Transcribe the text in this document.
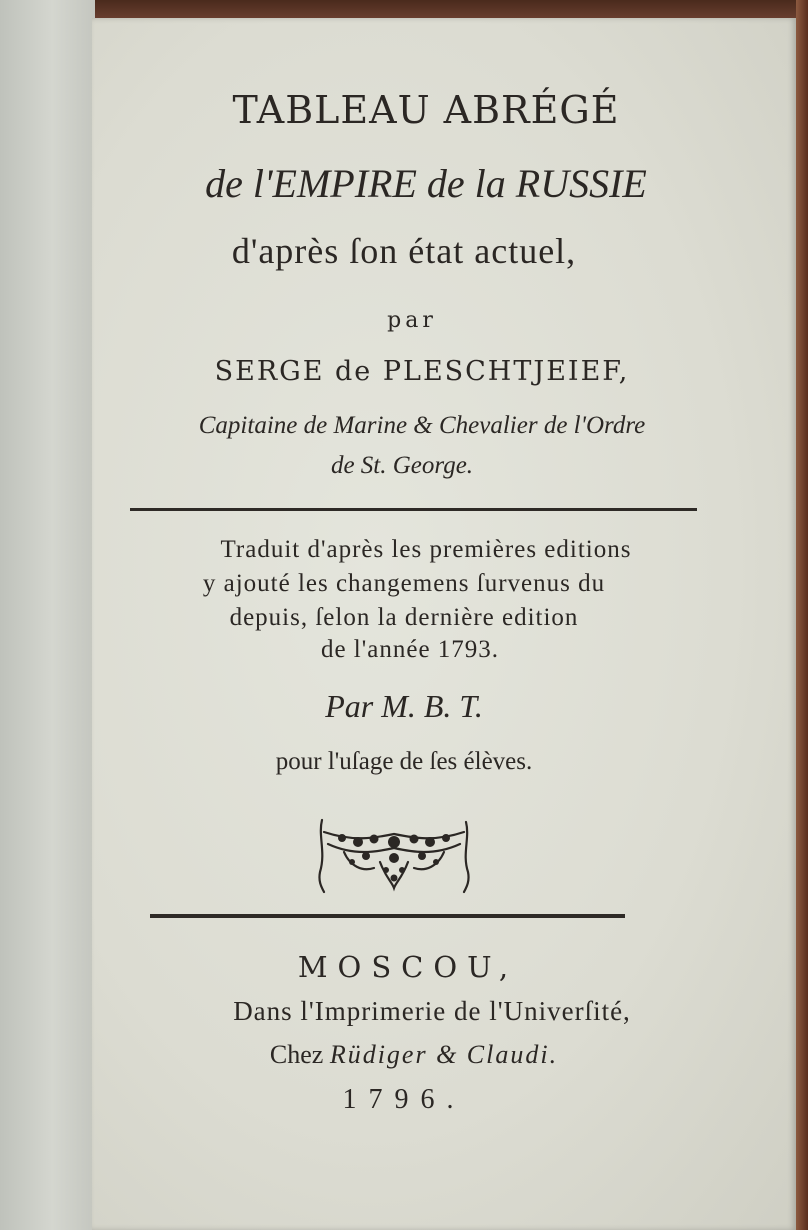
TABLEAU ABRÉGÉ
de l'EMPIRE de la RUSSIE
d'après ſon état actuel,
par
SERGE de PLESCHTJEIEF,
Capitaine de Marine & Chevalier de l'Ordre
de St. George.
Traduit d'après les premières editions
y ajouté les changemens ſurvenus du
depuis, ſelon la dernière edition
de l'année 1793.
Par M. B. T.
pour l'uſage de ſes élèves.
MOSCOU,
Dans l'Imprimerie de l'Univerſité,
Chez Rüdiger & Claudi.
1796.
